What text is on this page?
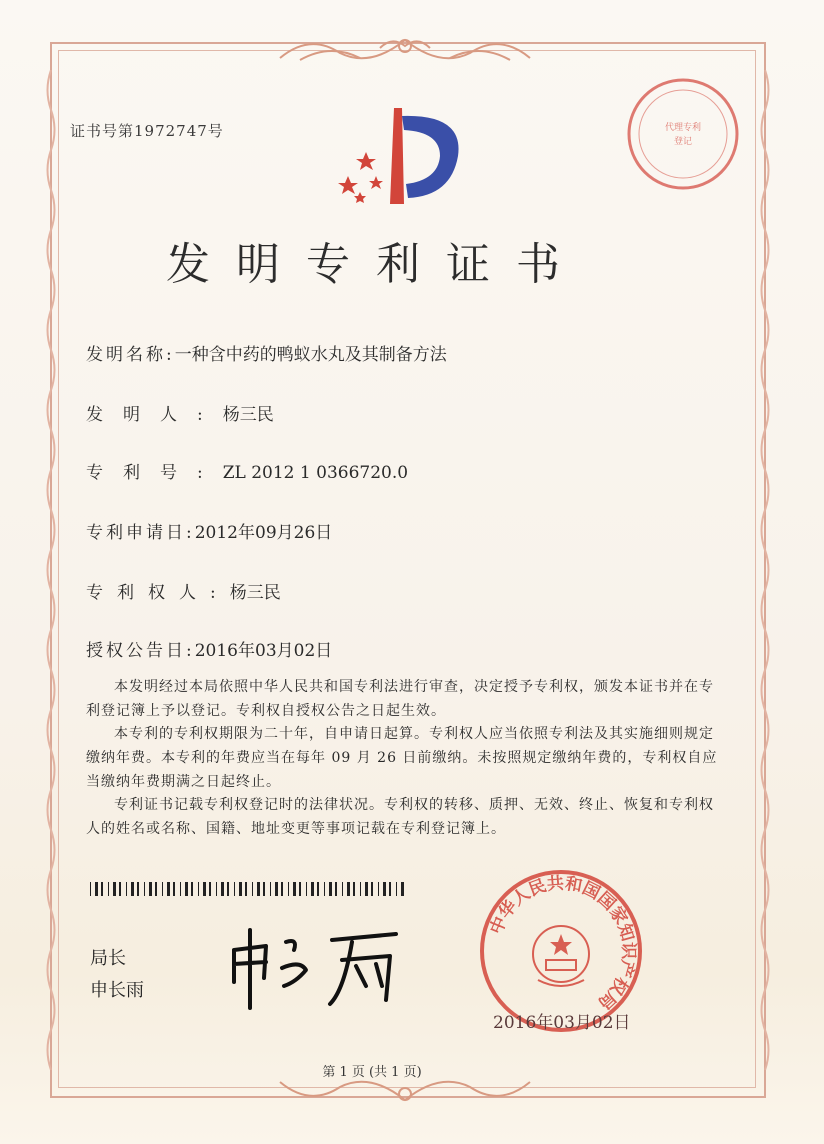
证书号第1972747号	代理专利
登记
发明专利证书
发明名称:一种含中药的鸭蚁水丸及其制备方法
发明人:杨三民
专利号:ZL 2012 1 0366720.0
专利申请日:2012年09月26日
专利权人:杨三民
授权公告日:2016年03月02日
本发明经过本局依照中华人民共和国专利法进行审查，决定授予专利权，颁发本证书并在专利登记簿上予以登记。专利权自授权公告之日起生效。
本专利的专利权期限为二十年，自申请日起算。专利权人应当依照专利法及其实施细则规定缴纳年费。本专利的年费应当在每年 09 月 26 日前缴纳。未按照规定缴纳年费的，专利权自应当缴纳年费期满之日起终止。
专利证书记载专利权登记时的法律状况。专利权的转移、质押、无效、终止、恢复和专利权人的姓名或名称、国籍、地址变更等事项记载在专利登记簿上。
局长
申长雨
中华人民共和国国家知识产权局
2016年03月02日
第 1 页 (共 1 页)
